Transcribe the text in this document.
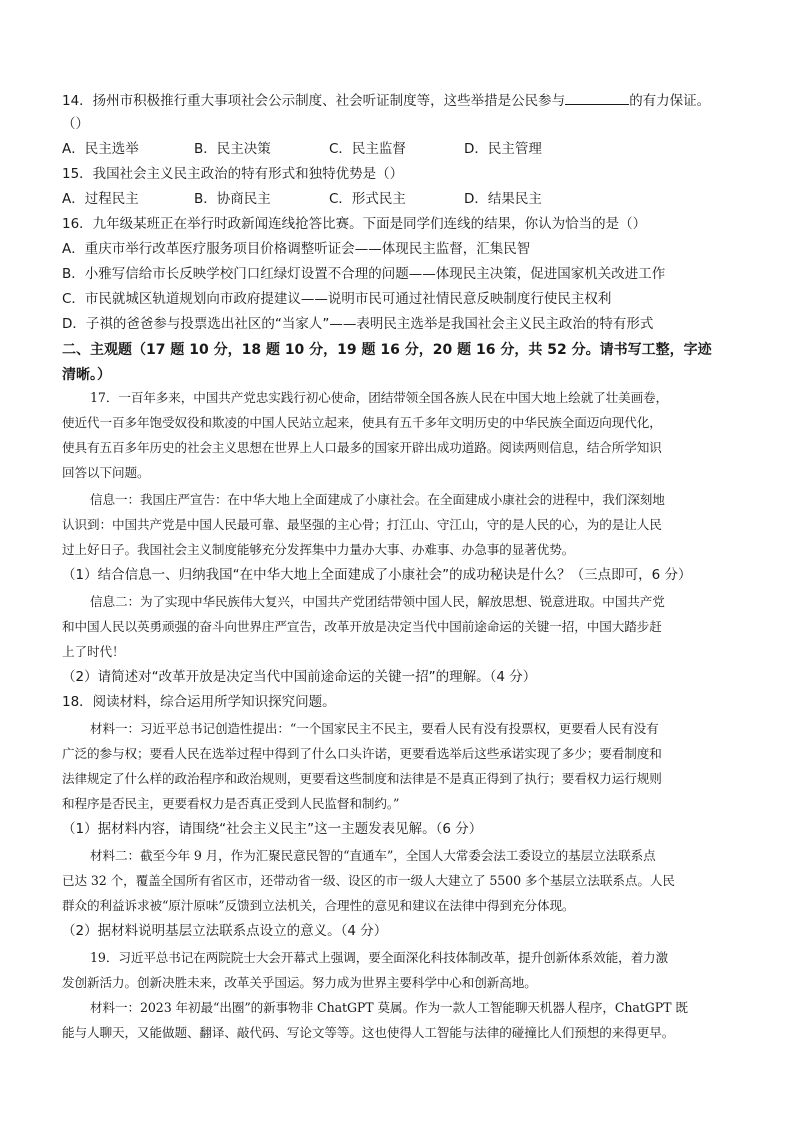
14．扬州市积极推行重大事项社会公示制度、社会听证制度等，这些举措是公民参与	的有力保证。
（）
A．民主选举	B．民主决策	C．民主监督	D．民主管理
15．我国社会主义民主政治的特有形式和独特优势是（）
A．过程民主	B．协商民主	C．形式民主	D．结果民主
16．九年级某班正在举行时政新闻连线抢答比赛。下面是同学们连线的结果，你认为恰当的是（）
A．重庆市举行改革医疗服务项目价格调整听证会——体现民主监督，汇集民智
B．小雅写信给市长反映学校门口红绿灯设置不合理的问题——体现民主决策，促进国家机关改进工作
C．市民就城区轨道规划向市政府提建议——说明市民可通过社情民意反映制度行使民主权利
D．子祺的爸爸参与投票选出社区的“当家人”——表明民主选举是我国社会主义民主政治的特有形式
二、主观题（17 题 10 分，18 题 10 分，19 题 16 分，20 题 16 分，共 52 分。请书写工整，字迹
清晰。）
17．一百年多来，中国共产党忠实践行初心使命，团结带领全国各族人民在中国大地上绘就了壮美画卷，
使近代一百多年饱受奴役和欺凌的中国人民站立起来，使具有五千多年文明历史的中华民族全面迈向现代化，
使具有五百多年历史的社会主义思想在世界上人口最多的国家开辟出成功道路。阅读两则信息，结合所学知识
回答以下问题。
信息一：我国庄严宣告：在中华大地上全面建成了小康社会。在全面建成小康社会的进程中，我们深刻地
认识到：中国共产党是中国人民最可靠、最坚强的主心骨；打江山、守江山，守的是人民的心，为的是让人民
过上好日子。我国社会主义制度能够充分发挥集中力量办大事、办难事、办急事的显著优势。
（1）结合信息一、归纳我国“在中华大地上全面建成了小康社会”的成功秘诀是什么？（三点即可，6 分）
信息二：为了实现中华民族伟大复兴，中国共产党团结带领中国人民，解放思想、锐意进取。中国共产党
和中国人民以英勇顽强的奋斗向世界庄严宣告，改革开放是决定当代中国前途命运的关键一招，中国大踏步赶
上了时代！
（2）请简述对“改革开放是决定当代中国前途命运的关键一招”的理解。（4 分）
18．阅读材料，综合运用所学知识探究问题。
材料一：习近平总书记创造性提出：“一个国家民主不民主，要看人民有没有投票权，更要看人民有没有
广泛的参与权；要看人民在选举过程中得到了什么口头许诺，更要看选举后这些承诺实现了多少；要看制度和
法律规定了什么样的政治程序和政治规则，更要看这些制度和法律是不是真正得到了执行；要看权力运行规则
和程序是否民主，更要看权力是否真正受到人民监督和制约。”
（1）据材料内容，请围绕“社会主义民主”这一主题发表见解。（6 分）
材料二：截至今年 9 月，作为汇聚民意民智的“直通车”，全国人大常委会法工委设立的基层立法联系点
已达 32 个，覆盖全国所有省区市，还带动省一级、设区的市一级人大建立了 5500 多个基层立法联系点。人民
群众的利益诉求被“原汁原味”反馈到立法机关，合理性的意见和建议在法律中得到充分体现。
（2）据材料说明基层立法联系点设立的意义。（4 分）
19．习近平总书记在两院院士大会开幕式上强调，要全面深化科技体制改革，提升创新体系效能，着力激
发创新活力。创新决胜未来，改革关乎国运。努力成为世界主要科学中心和创新高地。
材料一：2023 年初最“出圈”的新事物非 ChatGPT 莫属。作为一款人工智能聊天机器人程序，ChatGPT 既
能与人聊天，又能做题、翻译、敲代码、写论文等等。这也使得人工智能与法律的碰撞比人们预想的来得更早。
